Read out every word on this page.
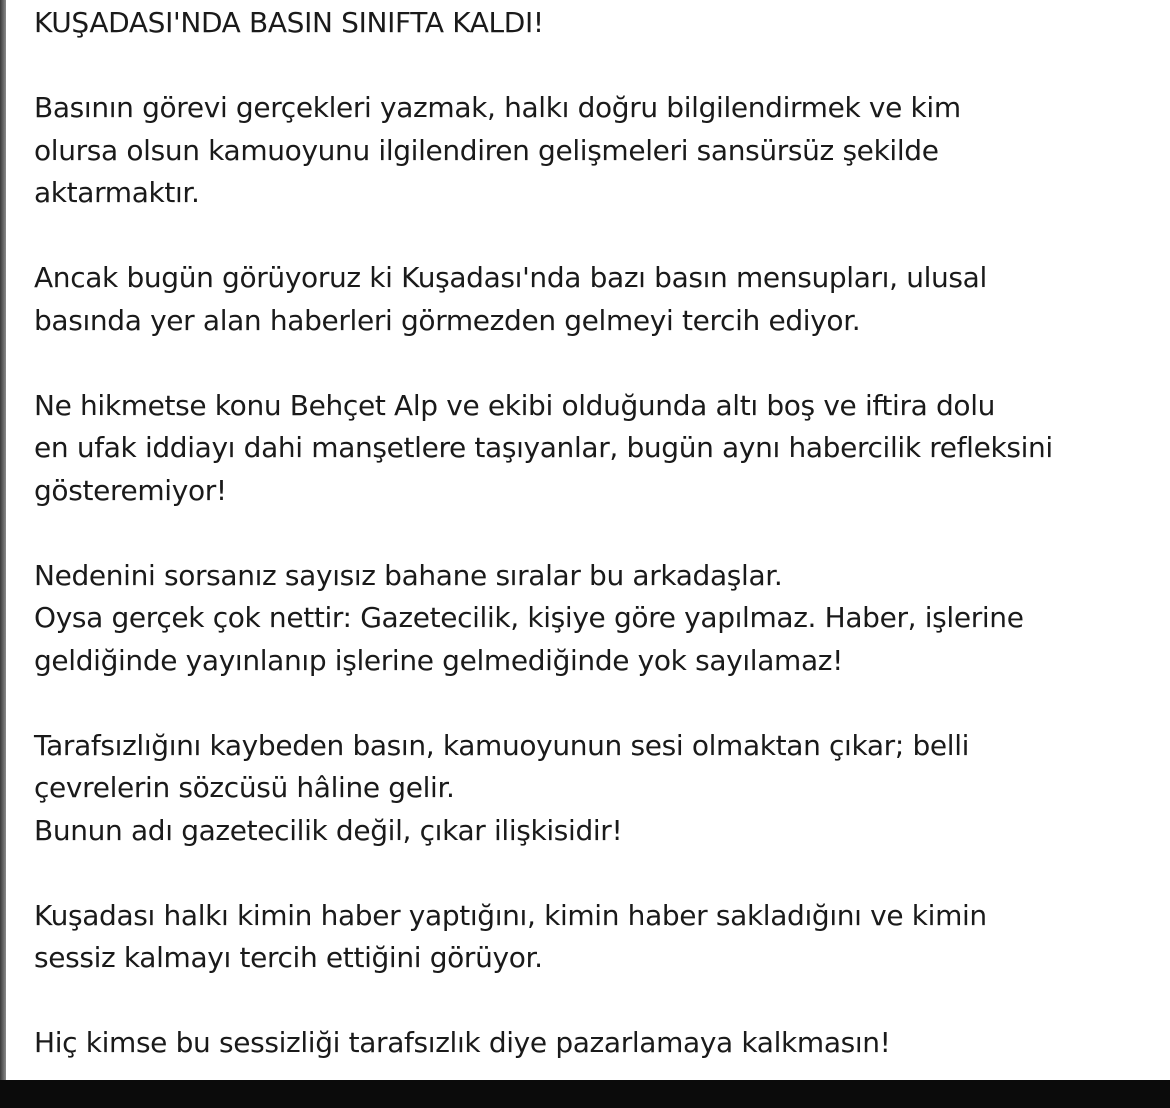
KUŞADASI'NDA BASIN SINIFTA KALDI!
Basının görevi gerçekleri yazmak, halkı doğru bilgilendirmek ve kim
olursa olsun kamuoyunu ilgilendiren gelişmeleri sansürsüz şekilde
aktarmaktır.
Ancak bugün görüyoruz ki Kuşadası'nda bazı basın mensupları, ulusal
basında yer alan haberleri görmezden gelmeyi tercih ediyor.
Ne hikmetse konu Behçet Alp ve ekibi olduğunda altı boş ve iftira dolu
en ufak iddiayı dahi manşetlere taşıyanlar, bugün aynı habercilik refleksini
gösteremiyor!
Nedenini sorsanız sayısız bahane sıralar bu arkadaşlar.
Oysa gerçek çok nettir: Gazetecilik, kişiye göre yapılmaz. Haber, işlerine
geldiğinde yayınlanıp işlerine gelmediğinde yok sayılamaz!
Tarafsızlığını kaybeden basın, kamuoyunun sesi olmaktan çıkar; belli
çevrelerin sözcüsü hâline gelir.
Bunun adı gazetecilik değil, çıkar ilişkisidir!
Kuşadası halkı kimin haber yaptığını, kimin haber sakladığını ve kimin
sessiz kalmayı tercih ettiğini görüyor.
Hiç kimse bu sessizliği tarafsızlık diye pazarlamaya kalkmasın!
